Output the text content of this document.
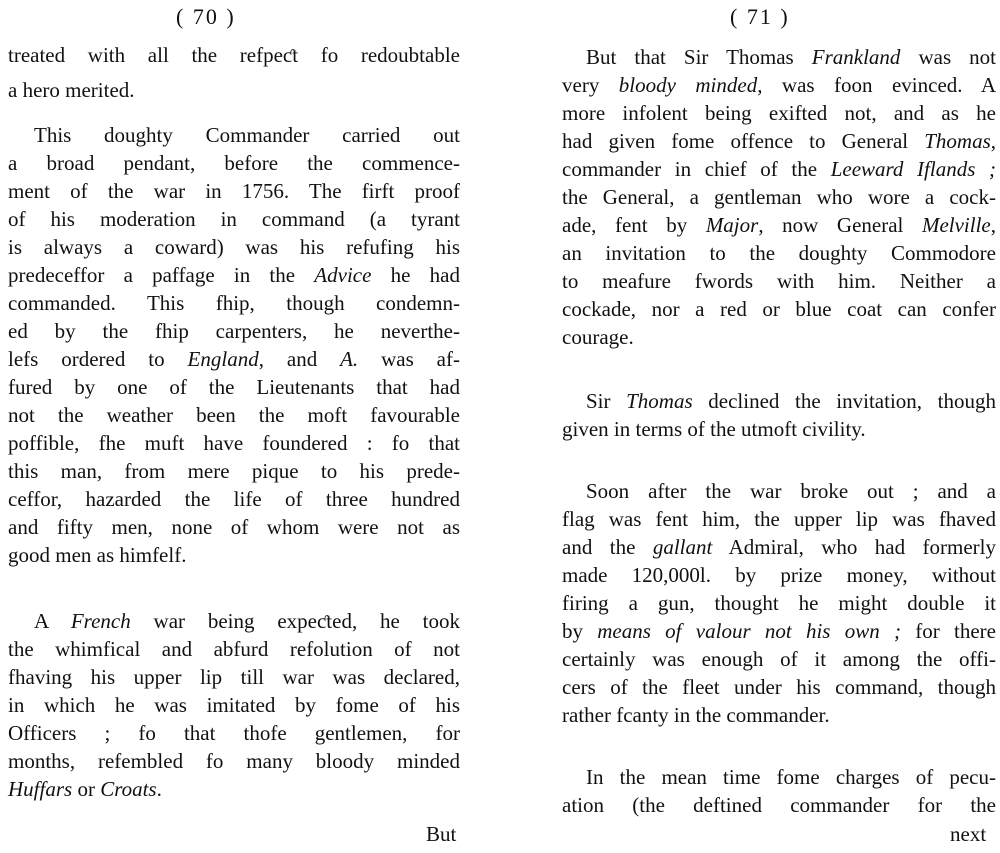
( 70 )
treated with all the refpeƈt fo redoubtable
a hero merited.
This doughty Commander carried out
a broad pendant, before the commence-
ment of the war in 1756. The firft proof
of his moderation in command (a tyrant
is always a coward) was his refufing his
predeceffor a paffage in the Advice he had
commanded. This fhip, though condemn-
ed by the fhip carpenters, he neverthe-
lefs ordered to England, and A. was af-
fured by one of the Lieutenants that had
not the weather been the moft favourable
poffible, fhe muft have foundered : fo that
this man, from mere pique to his prede-
ceffor, hazarded the life of three hundred
and fifty men, none of whom were not as
good men as himfelf.
A French war being expeƈted, he took
the whimfical and abfurd refolution of not
fhaving his upper lip till war was declared,
in which he was imitated by fome of his
Officers ; fo that thofe gentlemen, for
months, refembled fo many bloody minded
Huffars or Croats.
But
( 71 )
But that Sir Thomas Frankland was not
very bloody minded, was foon evinced. A
more infolent being exifted not, and as he
had given fome offence to General Thomas,
commander in chief of the Leeward Iflands ;
the General, a gentleman who wore a cock-
ade, fent by Major, now General Melville,
an invitation to the doughty Commodore
to meafure fwords with him. Neither a
cockade, nor a red or blue coat can confer
courage.
Sir Thomas declined the invitation, though
given in terms of the utmoft civility.
Soon after the war broke out ; and a
flag was fent him, the upper lip was fhaved
and the gallant Admiral, who had formerly
made 120,000l. by prize money, without
firing a gun, thought he might double it
by means of valour not his own ; for there
certainly was enough of it among the offi-
cers of the fleet under his command, though
rather fcanty in the commander.
In the mean time fome charges of pecu-
ation (the deftined commander for the
next
